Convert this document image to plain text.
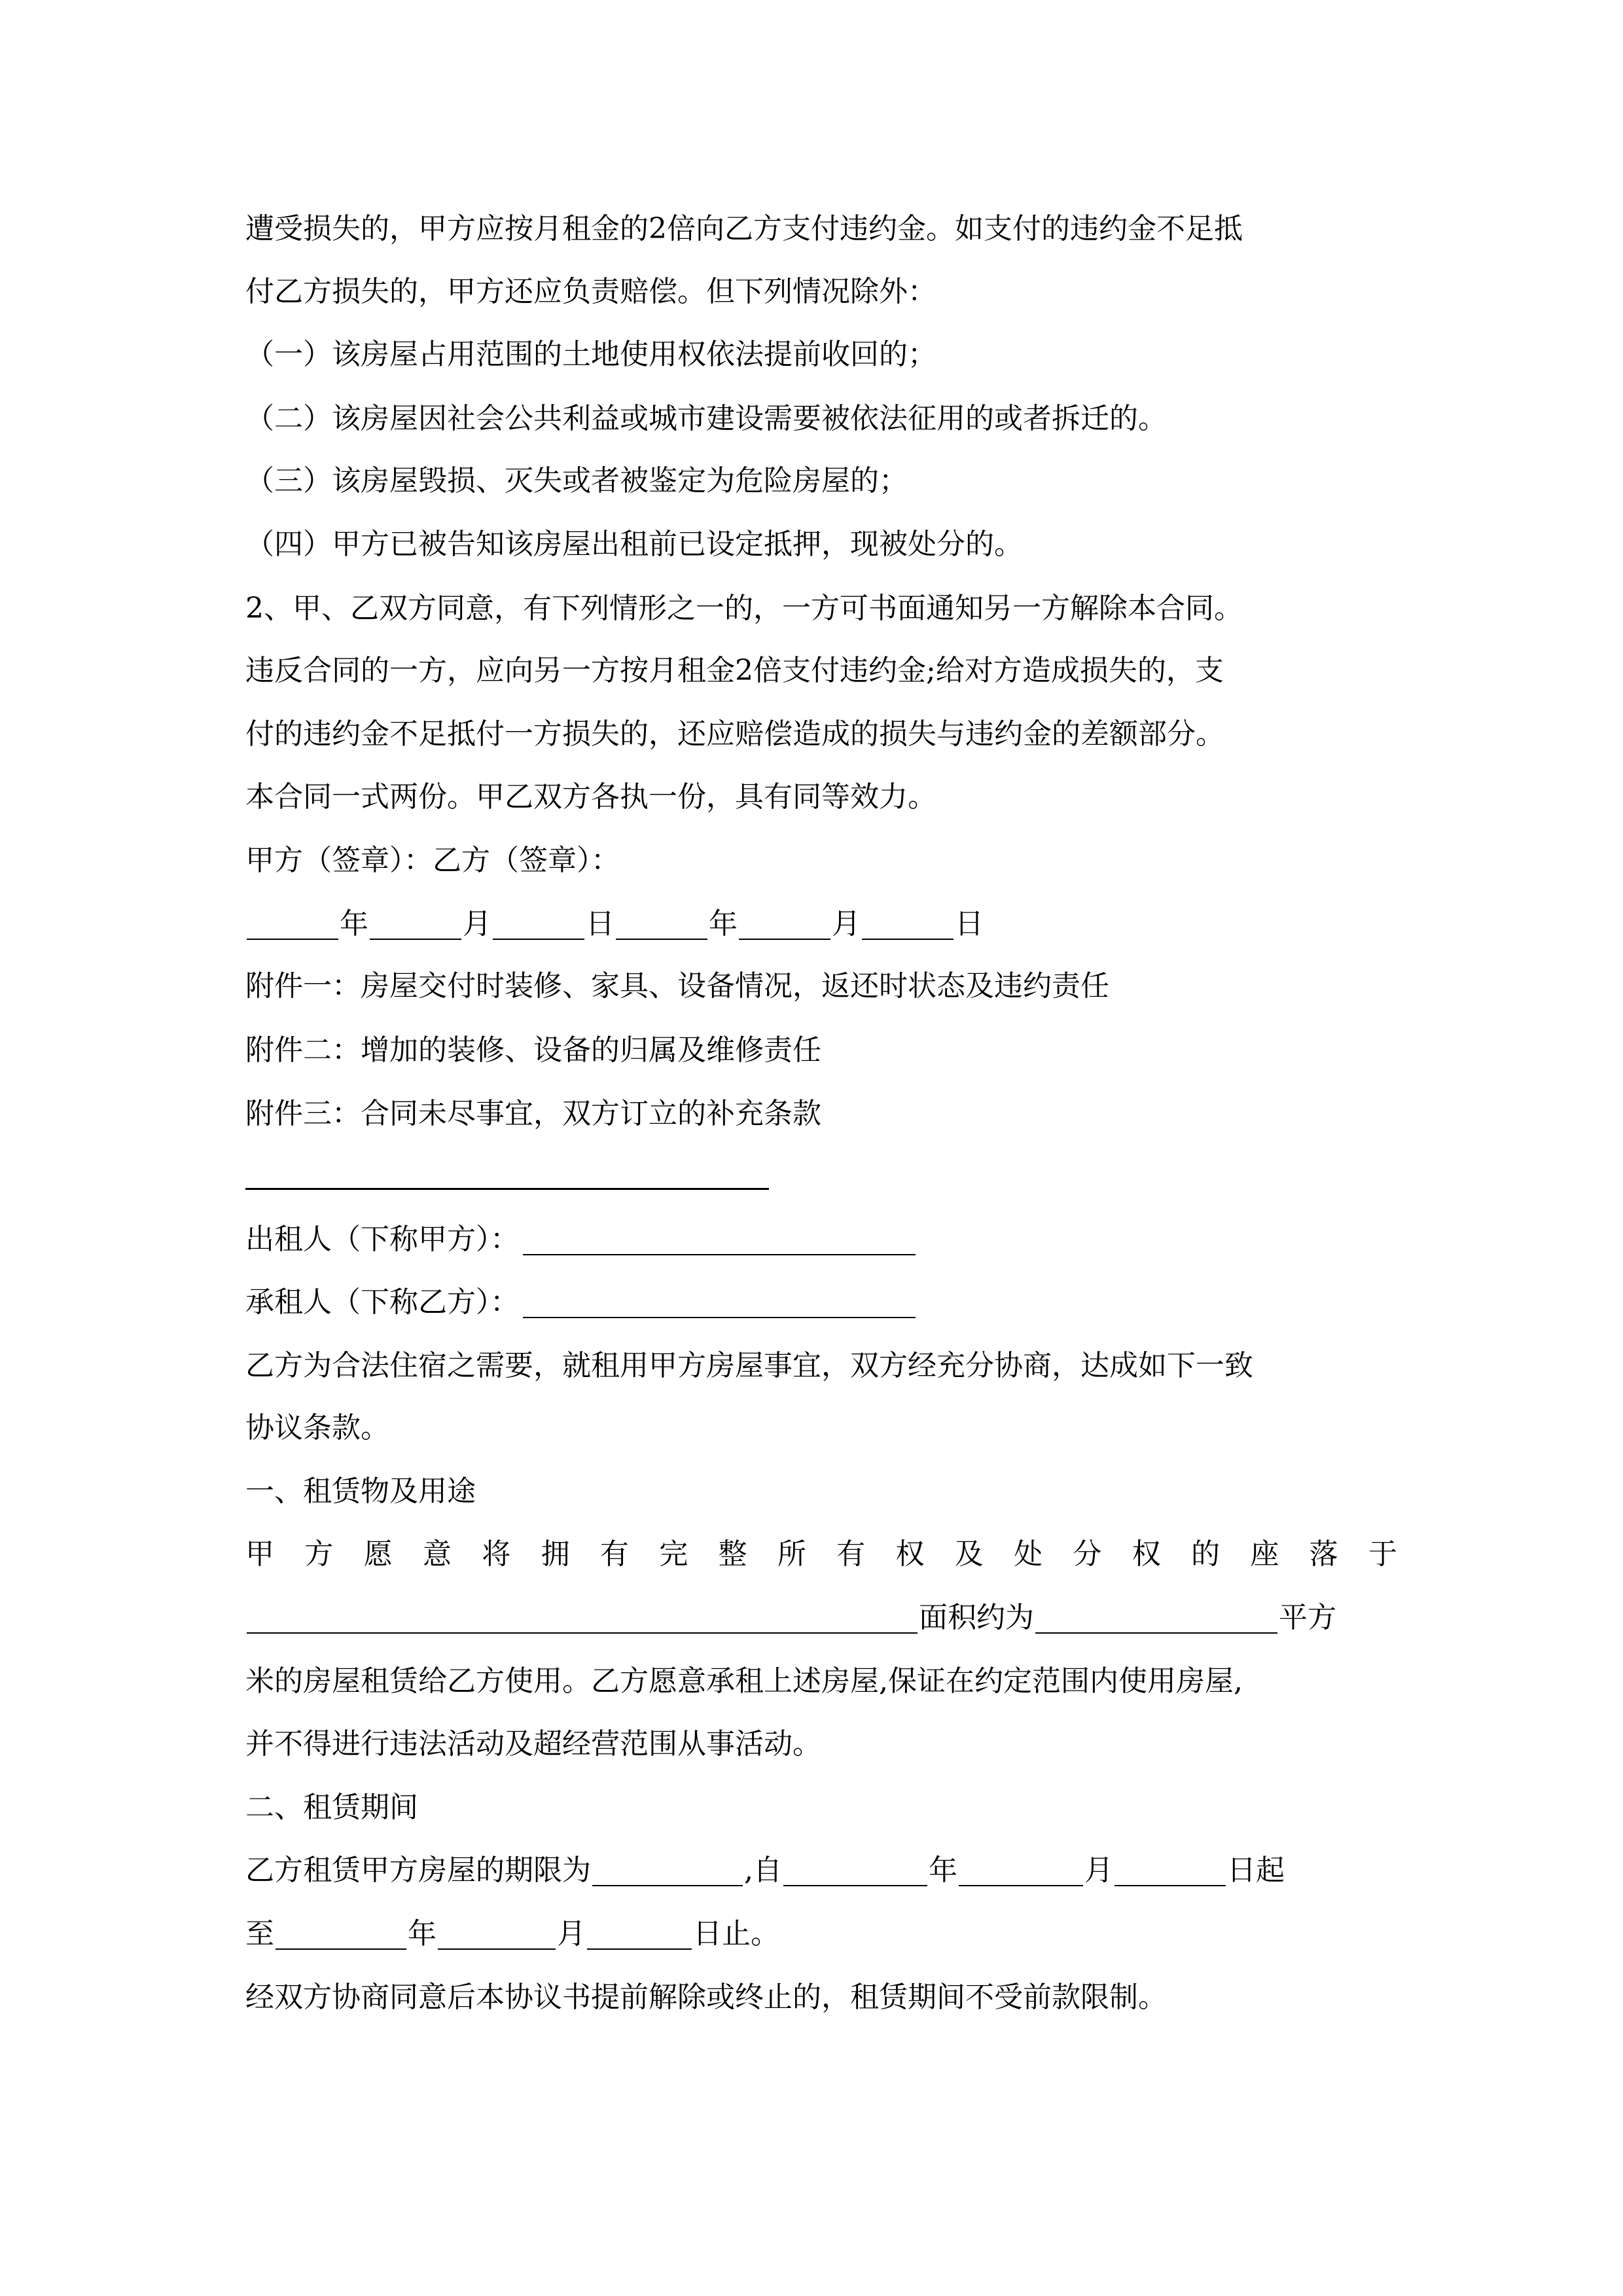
遭受损失的，甲方应按月租金的2倍向乙方支付违约金。如支付的违约金不足抵
付乙方损失的，甲方还应负责赔偿。但下列情况除外：
（一）该房屋占用范围的土地使用权依法提前收回的；
（二）该房屋因社会公共利益或城市建设需要被依法征用的或者拆迁的。
（三）该房屋毁损、灭失或者被鉴定为危险房屋的；
（四）甲方已被告知该房屋出租前已设定抵押，现被处分的。
2、甲、乙双方同意，有下列情形之一的，一方可书面通知另一方解除本合同。
违反合同的一方，应向另一方按月租金2倍支付违约金;给对方造成损失的，支
付的违约金不足抵付一方损失的，还应赔偿造成的损失与违约金的差额部分。
本合同一式两份。甲乙双方各执一份，具有同等效力。
甲方（签章）：乙方（签章）：
年	月	日	年	月	日
附件一：房屋交付时装修、家具、设备情况，返还时状态及违约责任
附件二：增加的装修、设备的归属及维修责任
附件三：合同未尽事宜，双方订立的补充条款
出租人（下称甲方）：
承租人（下称乙方）：
乙方为合法住宿之需要，就租用甲方房屋事宜，双方经充分协商，达成如下一致
协议条款。
一、租赁物及用途
甲 方 愿 意 将 拥 有 完 整 所 有 权 及 处 分 权 的 座 落 于
面积约为	平方
米的房屋租赁给乙方使用。乙方愿意承租上述房屋,保证在约定范围内使用房屋,
并不得进行违法活动及超经营范围从事活动。
二、租赁期间
乙方租赁甲方房屋的期限为	,自	年	月	日起
至	年	月	日止。
经双方协商同意后本协议书提前解除或终止的，租赁期间不受前款限制。
